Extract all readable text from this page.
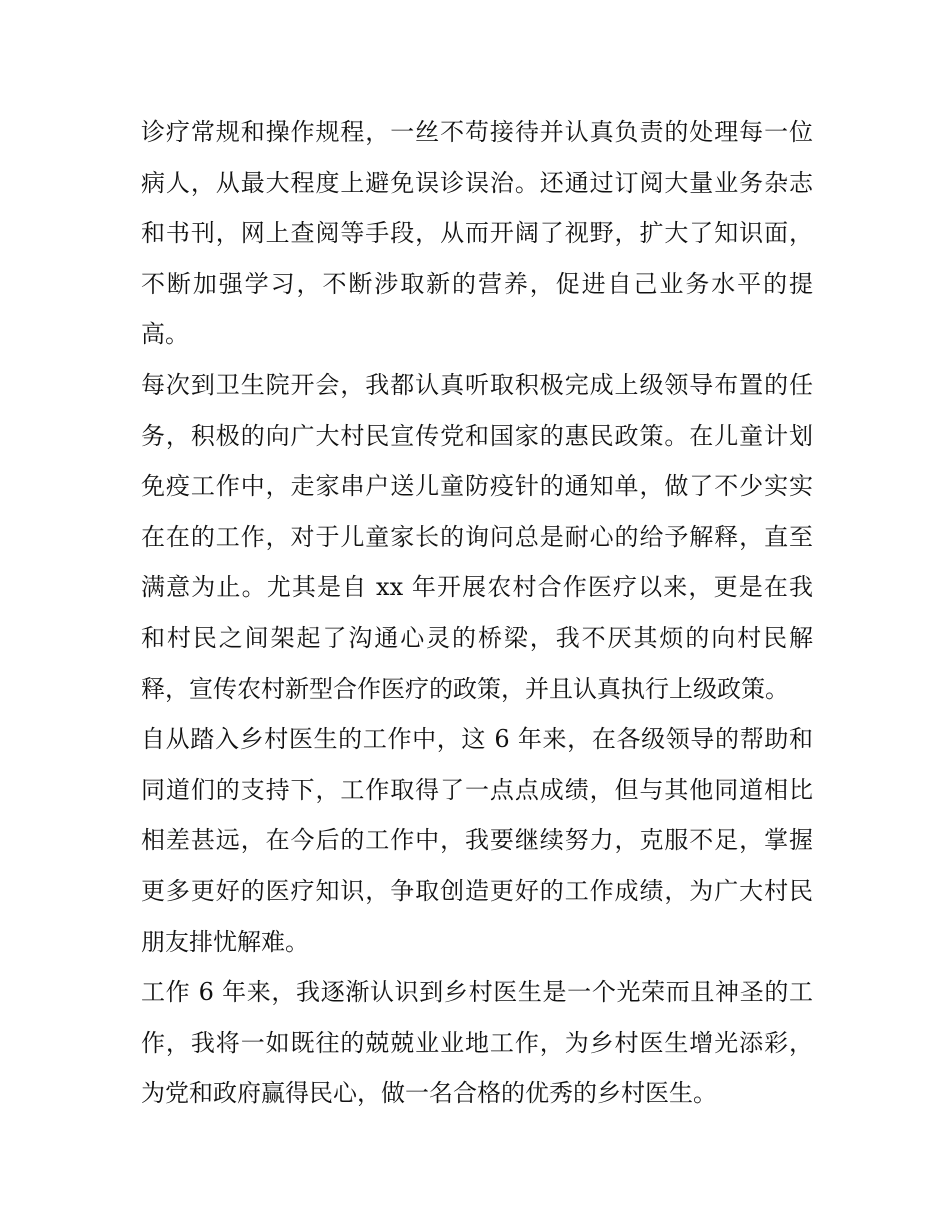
诊疗常规和操作规程，一丝不苟接待并认真负责的处理每一位
病人，从最大程度上避免误诊误治。还通过订阅大量业务杂志
和书刊，网上查阅等手段，从而开阔了视野，扩大了知识面，
不断加强学习，不断涉取新的营养，促进自己业务水平的提
高。
每次到卫生院开会，我都认真听取积极完成上级领导布置的任
务，积极的向广大村民宣传党和国家的惠民政策。在儿童计划
免疫工作中，走家串户送儿童防疫针的通知单，做了不少实实
在在的工作，对于儿童家长的询问总是耐心的给予解释，直至
满意为止。尤其是自 xx 年开展农村合作医疗以来，更是在我
和村民之间架起了沟通心灵的桥梁，我不厌其烦的向村民解
释，宣传农村新型合作医疗的政策，并且认真执行上级政策。
自从踏入乡村医生的工作中，这 6 年来，在各级领导的帮助和
同道们的支持下，工作取得了一点点成绩，但与其他同道相比
相差甚远，在今后的工作中，我要继续努力，克服不足，掌握
更多更好的医疗知识，争取创造更好的工作成绩，为广大村民
朋友排忧解难。
工作 6 年来，我逐渐认识到乡村医生是一个光荣而且神圣的工
作，我将一如既往的兢兢业业地工作，为乡村医生增光添彩，
为党和政府赢得民心，做一名合格的优秀的乡村医生。
